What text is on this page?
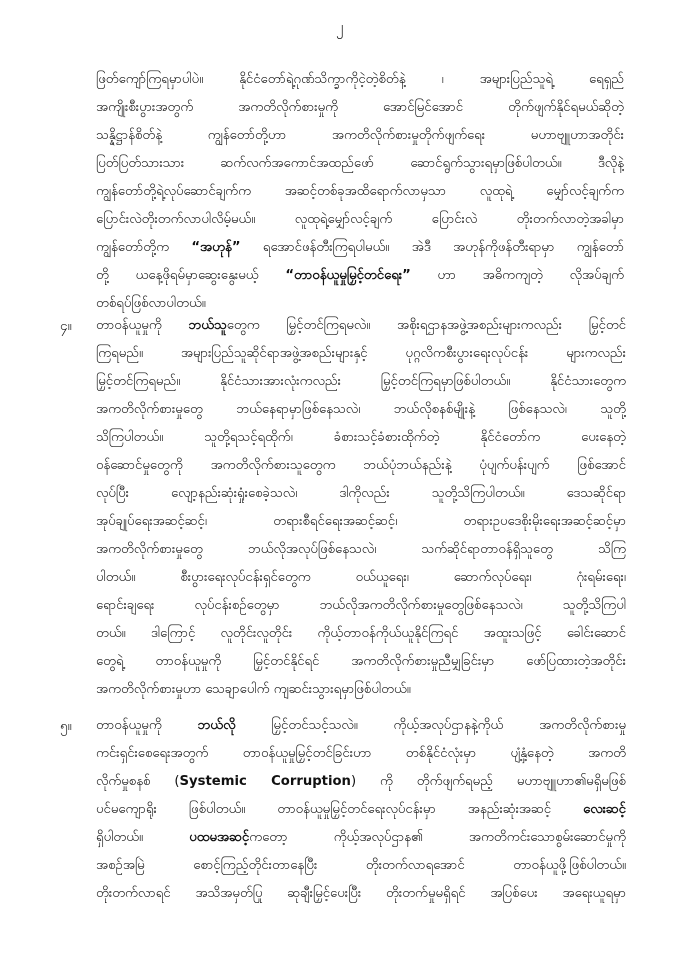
၂
ဖြတ်ကျော်ကြရမှာပါပဲ။ နိုင်ငံတော်ရဲ့ဂုဏ်သိက္ခာကိုငဲ့တဲ့စိတ်နဲ့ ၊ အများပြည်သူရဲ့ ရေရှည်
အကျိုးစီးပွားအတွက် အကတိလိုက်စားမှုကို အောင်မြင်အောင် တိုက်ဖျက်နိုင်ရမယ်ဆိုတဲ့
သန္နိဋ္ဌာန်စိတ်နဲ့ ကျွန်တော်တို့ဟာ အကတိလိုက်စားမှုတိုက်ဖျက်ရေး မဟာဗျူဟာအတိုင်း
ပြတ်ပြတ်သားသား ဆက်လက်အကောင်အထည်ဖော် ဆောင်ရွက်သွားရမှာဖြစ်ပါတယ်။ ဒီလိုနဲ့
ကျွန်တော်တို့ရဲ့လုပ်ဆောင်ချက်က အဆင့်တစ်ခုအထိရောက်လာမှသာ လူထုရဲ့ မျှော်လင့်ချက်က
ပြောင်းလဲတိုးတက်လာပါလိမ့်မယ်။ လူထုရဲ့မျှော်လင့်ချက် ပြောင်းလဲ တိုးတက်လာတဲ့အခါမှာ
ကျွန်တော်တို့က “အဟုန်” ရအောင်ဖန်တီးကြရပါမယ်။ အဲဒီ အဟုန်ကိုဖန်တီးရာမှာ ကျွန်တော်
တို့ ယနေ့ဖိုရမ်မှာဆွေးနွေးမယ့် “တာဝန်ယူမှုမြှင့်တင်ရေး” ဟာ အဓိကကျတဲ့ လိုအပ်ချက်
တစ်ရပ်ဖြစ်လာပါတယ်။
၄။	တာဝန်ယူမှုကို ဘယ်သူတွေက မြှင့်တင်ကြရမလဲ။ အစိုးရဌာနအဖွဲ့အစည်းများကလည်း မြှင့်တင်
ကြရမည်။ အများပြည်သူဆိုင်ရာအဖွဲ့အစည်းများနှင့် ပုဂ္ဂလိကစီးပွားရေးလုပ်ငန်း များကလည်း
မြှင့်တင်ကြရမည်။ နိုင်ငံသားအားလုံးကလည်း မြှင့်တင်ကြရမှာဖြစ်ပါတယ်။ နိုင်ငံသားတွေက
အကတိလိုက်စားမှုတွေ ဘယ်နေရာမှာဖြစ်နေသလဲ၊ ဘယ်လိုစနစ်မျိုးနဲ့ ဖြစ်နေသလဲ၊ သူတို့
သိကြပါတယ်။ သူတို့ရသင့်ရထိုက်၊ ခံစားသင့်ခံစားထိုက်တဲ့ နိုင်ငံတော်က ပေးနေတဲ့
ဝန်ဆောင်မှုတွေကို အကတိလိုက်စားသူတွေက ဘယ်ပုံဘယ်နည်းနဲ့ ပုံပျက်ပန်းပျက် ဖြစ်အောင်
လုပ်ပြီး လျော့နည်းဆုံးရှုံးစေခဲ့သလဲ၊ ဒါကိုလည်း သူတို့သိကြပါတယ်။ ဒေသဆိုင်ရာ
အုပ်ချုပ်ရေးအဆင့်ဆင့်၊ တရားစီရင်ရေးအဆင့်ဆင့်၊ တရားဥပဒေစိုးမိုးရေးအဆင့်ဆင့်မှာ
အကတိလိုက်စားမှုတွေ ဘယ်လိုအလုပ်ဖြစ်နေသလဲ၊ သက်ဆိုင်ရာတာဝန်ရှိသူတွေ သိကြ
ပါတယ်။ စီးပွားရေးလုပ်ငန်းရှင်တွေက ဝယ်ယူရေး၊ ဆောက်လုပ်ရေး၊ ဂုံးရမ်းရေး၊
ရောင်းချရေး လုပ်ငန်းစဉ်တွေမှာ ဘယ်လိုအကတိလိုက်စားမှုတွေဖြစ်နေသလဲ၊ သူတို့သိကြပါ
တယ်။ ဒါကြောင့် လူတိုင်းလူတိုင်း ကိုယ့်တာဝန်ကိုယ်ယူနိုင်ကြရင် အထူးသဖြင့် ခေါင်းဆောင်
တွေရဲ့ တာဝန်ယူမှုကို မြှင့်တင်နိုင်ရင် အကတိလိုက်စားမှုညီမျှခြင်းမှာ ဖော်ပြထားတဲ့အတိုင်း
အကတိလိုက်စားမှုဟာ သေချာပေါက် ကျဆင်းသွားရမှာဖြစ်ပါတယ်။
၅။	တာဝန်ယူမှုကို ဘယ်လို မြှင့်တင်သင့်သလဲ။ ကိုယ့်အလုပ်ဌာနနဲ့ကိုယ် အကတိလိုက်စားမှု
ကင်းရှင်းစေရေးအတွက် တာဝန်ယူမှုမြှင့်တင်ခြင်းဟာ တစ်နိုင်ငံလုံးမှာ ပျံ့နှံ့နေတဲ့ အကတိ
လိုက်မှုစနစ် (Systemic Corruption) ကို တိုက်ဖျက်ရမည့် မဟာဗျူဟာ၏မရှိမဖြစ်
ပင်မကျောရိုး ဖြစ်ပါတယ်။ တာဝန်ယူမှုမြှင့်တင်ရေးလုပ်ငန်းမှာ အနည်းဆုံးအဆင့် လေးဆင့်
ရှိပါတယ်။	ပထမအဆင့်ကတော့ ကိုယ့်အလုပ်ဌာန၏ အကတိကင်းသောစွမ်းဆောင်မှုကို
အစဉ်အမြဲ စောင့်ကြည့်တိုင်းတာနေပြီး တိုးတက်လာရအောင် တာဝန်ယူဖို့ဖြစ်ပါတယ်။
တိုးတက်လာရင် အသိအမှတ်ပြု ဆုချီးမြှင့်ပေးပြီး တိုးတက်မှုမရှိရင် အပြစ်ပေး အရေးယူရမှာ
